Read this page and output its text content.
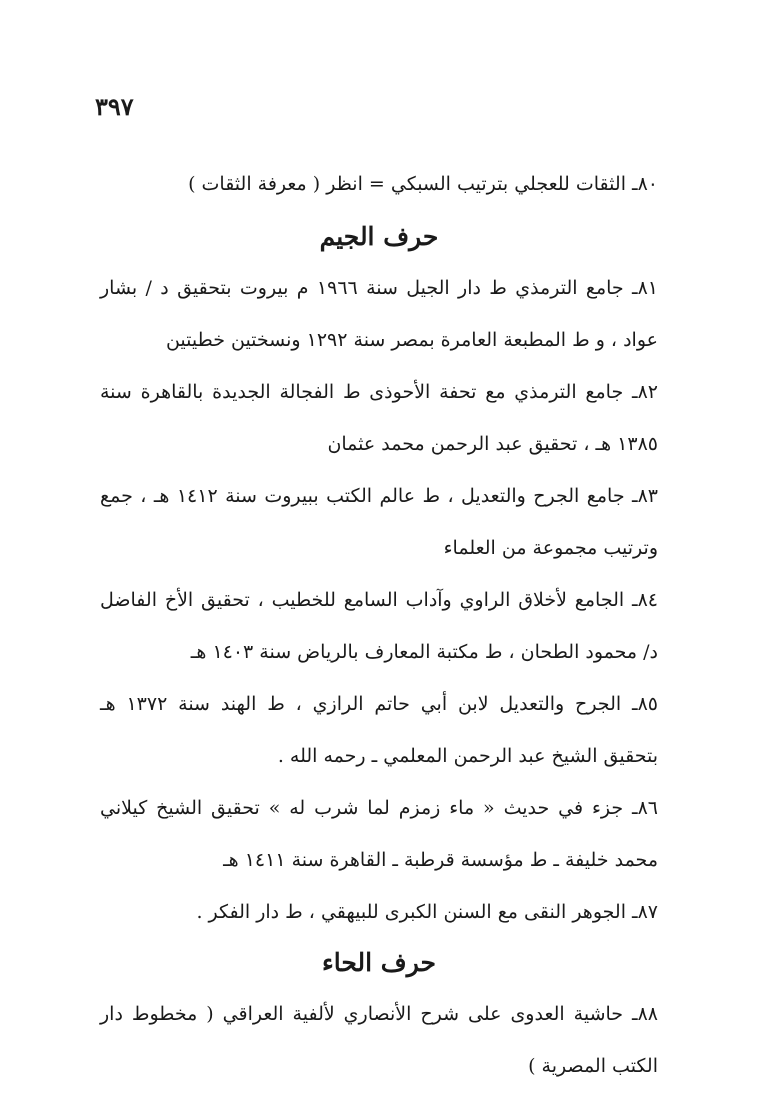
٣٩٧

٨٠ـ الثقات للعجلي بترتيب السبكي = انظر ( معرفة الثقات )

حرف الجيم

٨١ـ جامع الترمذي ط دار الجيل سنة ١٩٦٦ م بيروت بتحقيق د / بشار عواد ، و ط المطبعة العامرة بمصر سنة ١٢٩٢ ونسختين خطيتين

٨٢ـ جامع الترمذي مع تحفة الأحوذى ط الفجالة الجديدة بالقاهرة سنة ١٣٨٥ هـ ، تحقيق عبد الرحمن محمد عثمان

٨٣ـ جامع الجرح والتعديل ، ط عالم الكتب ببيروت سنة ١٤١٢ هـ ، جمع وترتيب مجموعة من العلماء

٨٤ـ الجامع لأخلاق الراوي وآداب السامع للخطيب ، تحقيق الأخ الفاضل د/ محمود الطحان ، ط مكتبة المعارف بالرياض سنة ١٤٠٣ هـ

٨٥ـ الجرح والتعديل لابن أبي حاتم الرازي ، ط الهند سنة ١٣٧٢ هـ بتحقيق الشيخ عبد الرحمن المعلمي ـ رحمه الله .

٨٦ـ جزء في حديث « ماء زمزم لما شرب له » تحقيق الشيخ كيلاني محمد خليفة ـ ط مؤسسة قرطبة ـ القاهرة سنة ١٤١١ هـ

٨٧ـ الجوهر النقى مع السنن الكبرى للبيهقي ، ط دار الفكر .

حرف الحاء

٨٨ـ حاشية العدوى على شرح الأنصاري لألفية العراقي ( مخطوط دار الكتب المصرية )
